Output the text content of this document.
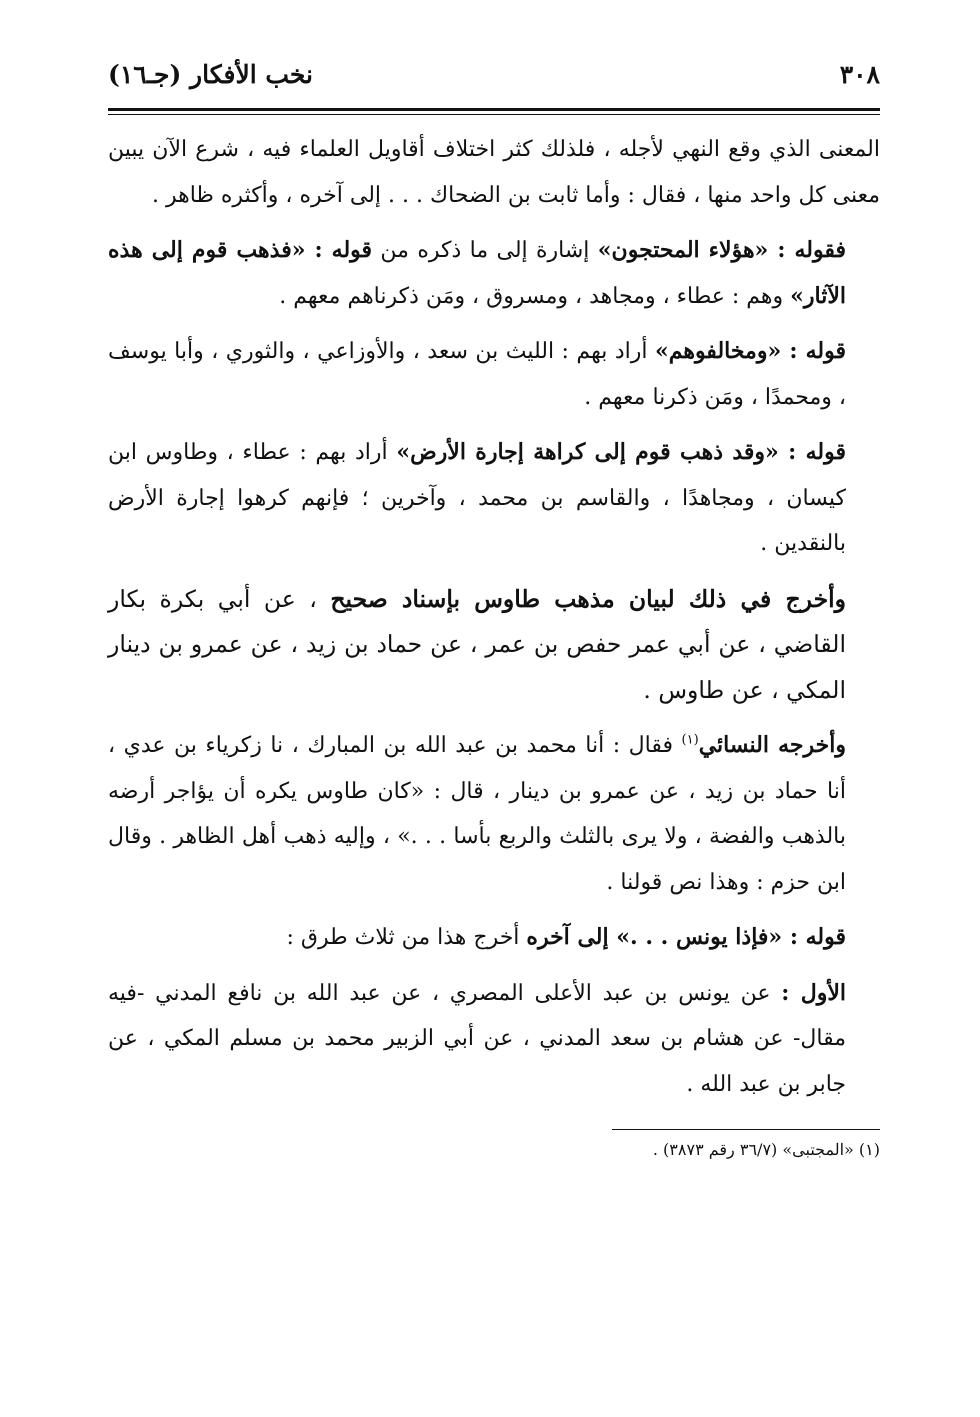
٣٠٨
نخب الأفكار (جـ١٦)

المعنى الذي وقع النهي لأجله ، فلذلك كثر اختلاف أقاويل العلماء فيه ، شرع الآن يبين معنى كل واحد منها ، فقال : وأما ثابت بن الضحاك . . . إلى آخره ، وأكثره ظاهر .

فقوله : «هؤلاء المحتجون» إشارة إلى ما ذكره من قوله : «فذهب قوم إلى هذه الآثار» وهم : عطاء ، ومجاهد ، ومسروق ، ومَن ذكرناهم معهم .

قوله : «ومخالفوهم» أراد بهم : الليث بن سعد ، والأوزاعي ، والثوري ، وأبا يوسف ، ومحمدًا ، ومَن ذكرنا معهم .

قوله : «وقد ذهب قوم إلى كراهة إجارة الأرض» أراد بهم : عطاء ، وطاوس ابن كيسان ، ومجاهدًا ، والقاسم بن محمد ، وآخرين ؛ فإنهم كرهوا إجارة الأرض بالنقدين .

وأخرج في ذلك لبيان مذهب طاوس بإسناد صحيح ، عن أبي بكرة بكار القاضي ، عن أبي عمر حفص بن عمر ، عن حماد بن زيد ، عن عمرو بن دينار المكي ، عن طاوس .

وأخرجه النسائي$^{(١)}$ فقال : أنا محمد بن عبد الله بن المبارك ، نا زكرياء بن عدي ، أنا حماد بن زيد ، عن عمرو بن دينار ، قال : «كان طاوس يكره أن يؤاجر أرضه بالذهب والفضة ، ولا يرى بالثلث والربع بأسا . . .» ، وإليه ذهب أهل الظاهر . وقال ابن حزم : وهذا نص قولنا .

قوله : «فإذا يونس . . .» إلى آخره أخرج هذا من ثلاث طرق :

الأول : عن يونس بن عبد الأعلى المصري ، عن عبد الله بن نافع المدني -فيه مقال- عن هشام بن سعد المدني ، عن أبي الزبير محمد بن مسلم المكي ، عن جابر بن عبد الله .

(١) «المجتبى» (٣٦/٧ رقم ٣٨٧٣) .
